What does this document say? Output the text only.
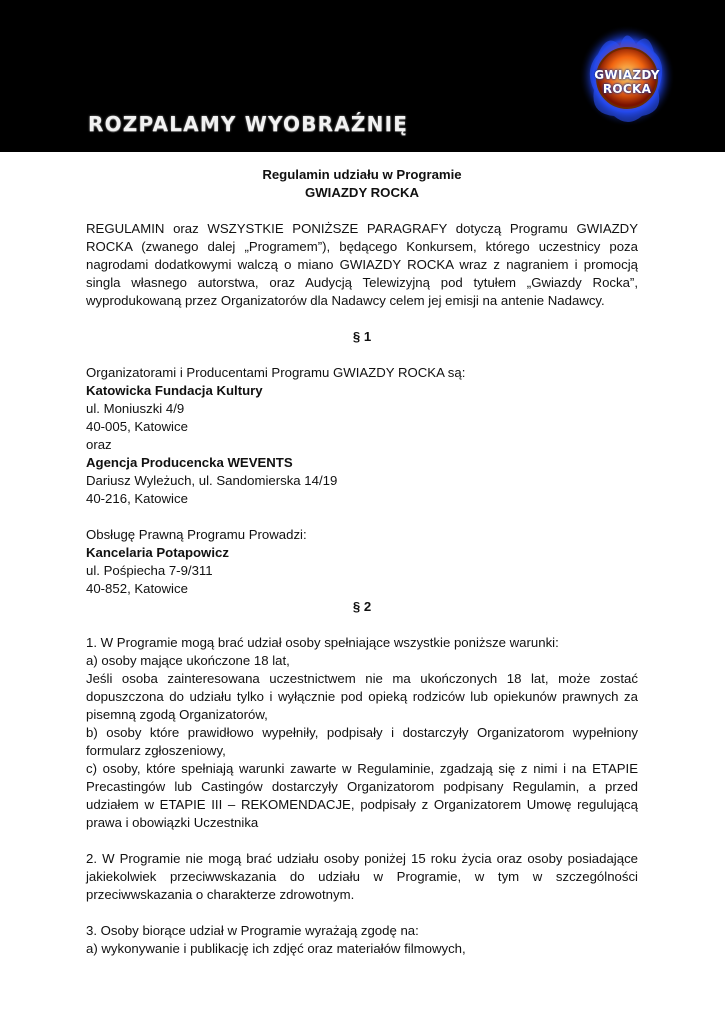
ROZPALAMY WYOBRAŹNIĘ
GWIAZDY
ROCKA

Regulamin udziału w Programie

GWIAZDY ROCKA

REGULAMIN oraz WSZYSTKIE PONIŻSZE PARAGRAFY dotyczą Programu GWIAZDY ROCKA (zwanego dalej „Programem”), będącego Konkursem, którego uczestnicy poza nagrodami dodatkowymi walczą o miano GWIAZDY ROCKA wraz z nagraniem i promocją singla własnego autorstwa, oraz Audycją Telewizyjną pod tytułem „Gwiazdy Rocka”, wyprodukowaną przez Organizatorów dla Nadawcy celem jej emisji na antenie Nadawcy.

§ 1

Organizatorami i Producentami Programu GWIAZDY ROCKA są:

Katowicka Fundacja Kultury

ul. Moniuszki 4/9

40-005, Katowice

oraz

Agencja Producencka WEVENTS

Dariusz Wyleżuch, ul. Sandomierska 14/19

40-216, Katowice

Obsługę Prawną Programu Prowadzi:

Kancelaria Potapowicz

ul. Pośpiecha 7-9/311

40-852, Katowice

§ 2

1. W Programie mogą brać udział osoby spełniające wszystkie poniższe warunki:

a) osoby mające ukończone 18 lat,

Jeśli osoba zainteresowana uczestnictwem nie ma ukończonych 18 lat, może zostać dopuszczona do udziału tylko i wyłącznie pod opieką rodziców lub opiekunów prawnych za pisemną zgodą Organizatorów,

b) osoby które prawidłowo wypełniły, podpisały i dostarczyły Organizatorom wypełniony formularz zgłoszeniowy,

c) osoby, które spełniają warunki zawarte w Regulaminie, zgadzają się z nimi i na ETAPIE Precastingów lub Castingów dostarczyły Organizatorom podpisany Regulamin, a przed udziałem w ETAPIE III – REKOMENDACJE, podpisały z Organizatorem Umowę regulującą prawa i obowiązki Uczestnika

2. W Programie nie mogą brać udziału osoby poniżej 15 roku życia oraz osoby posiadające jakiekolwiek przeciwwskazania do udziału w Programie, w tym w szczególności przeciwwskazania o charakterze zdrowotnym.

3. Osoby biorące udział w Programie wyrażają zgodę na:

a) wykonywanie i publikację ich zdjęć oraz materiałów filmowych,
